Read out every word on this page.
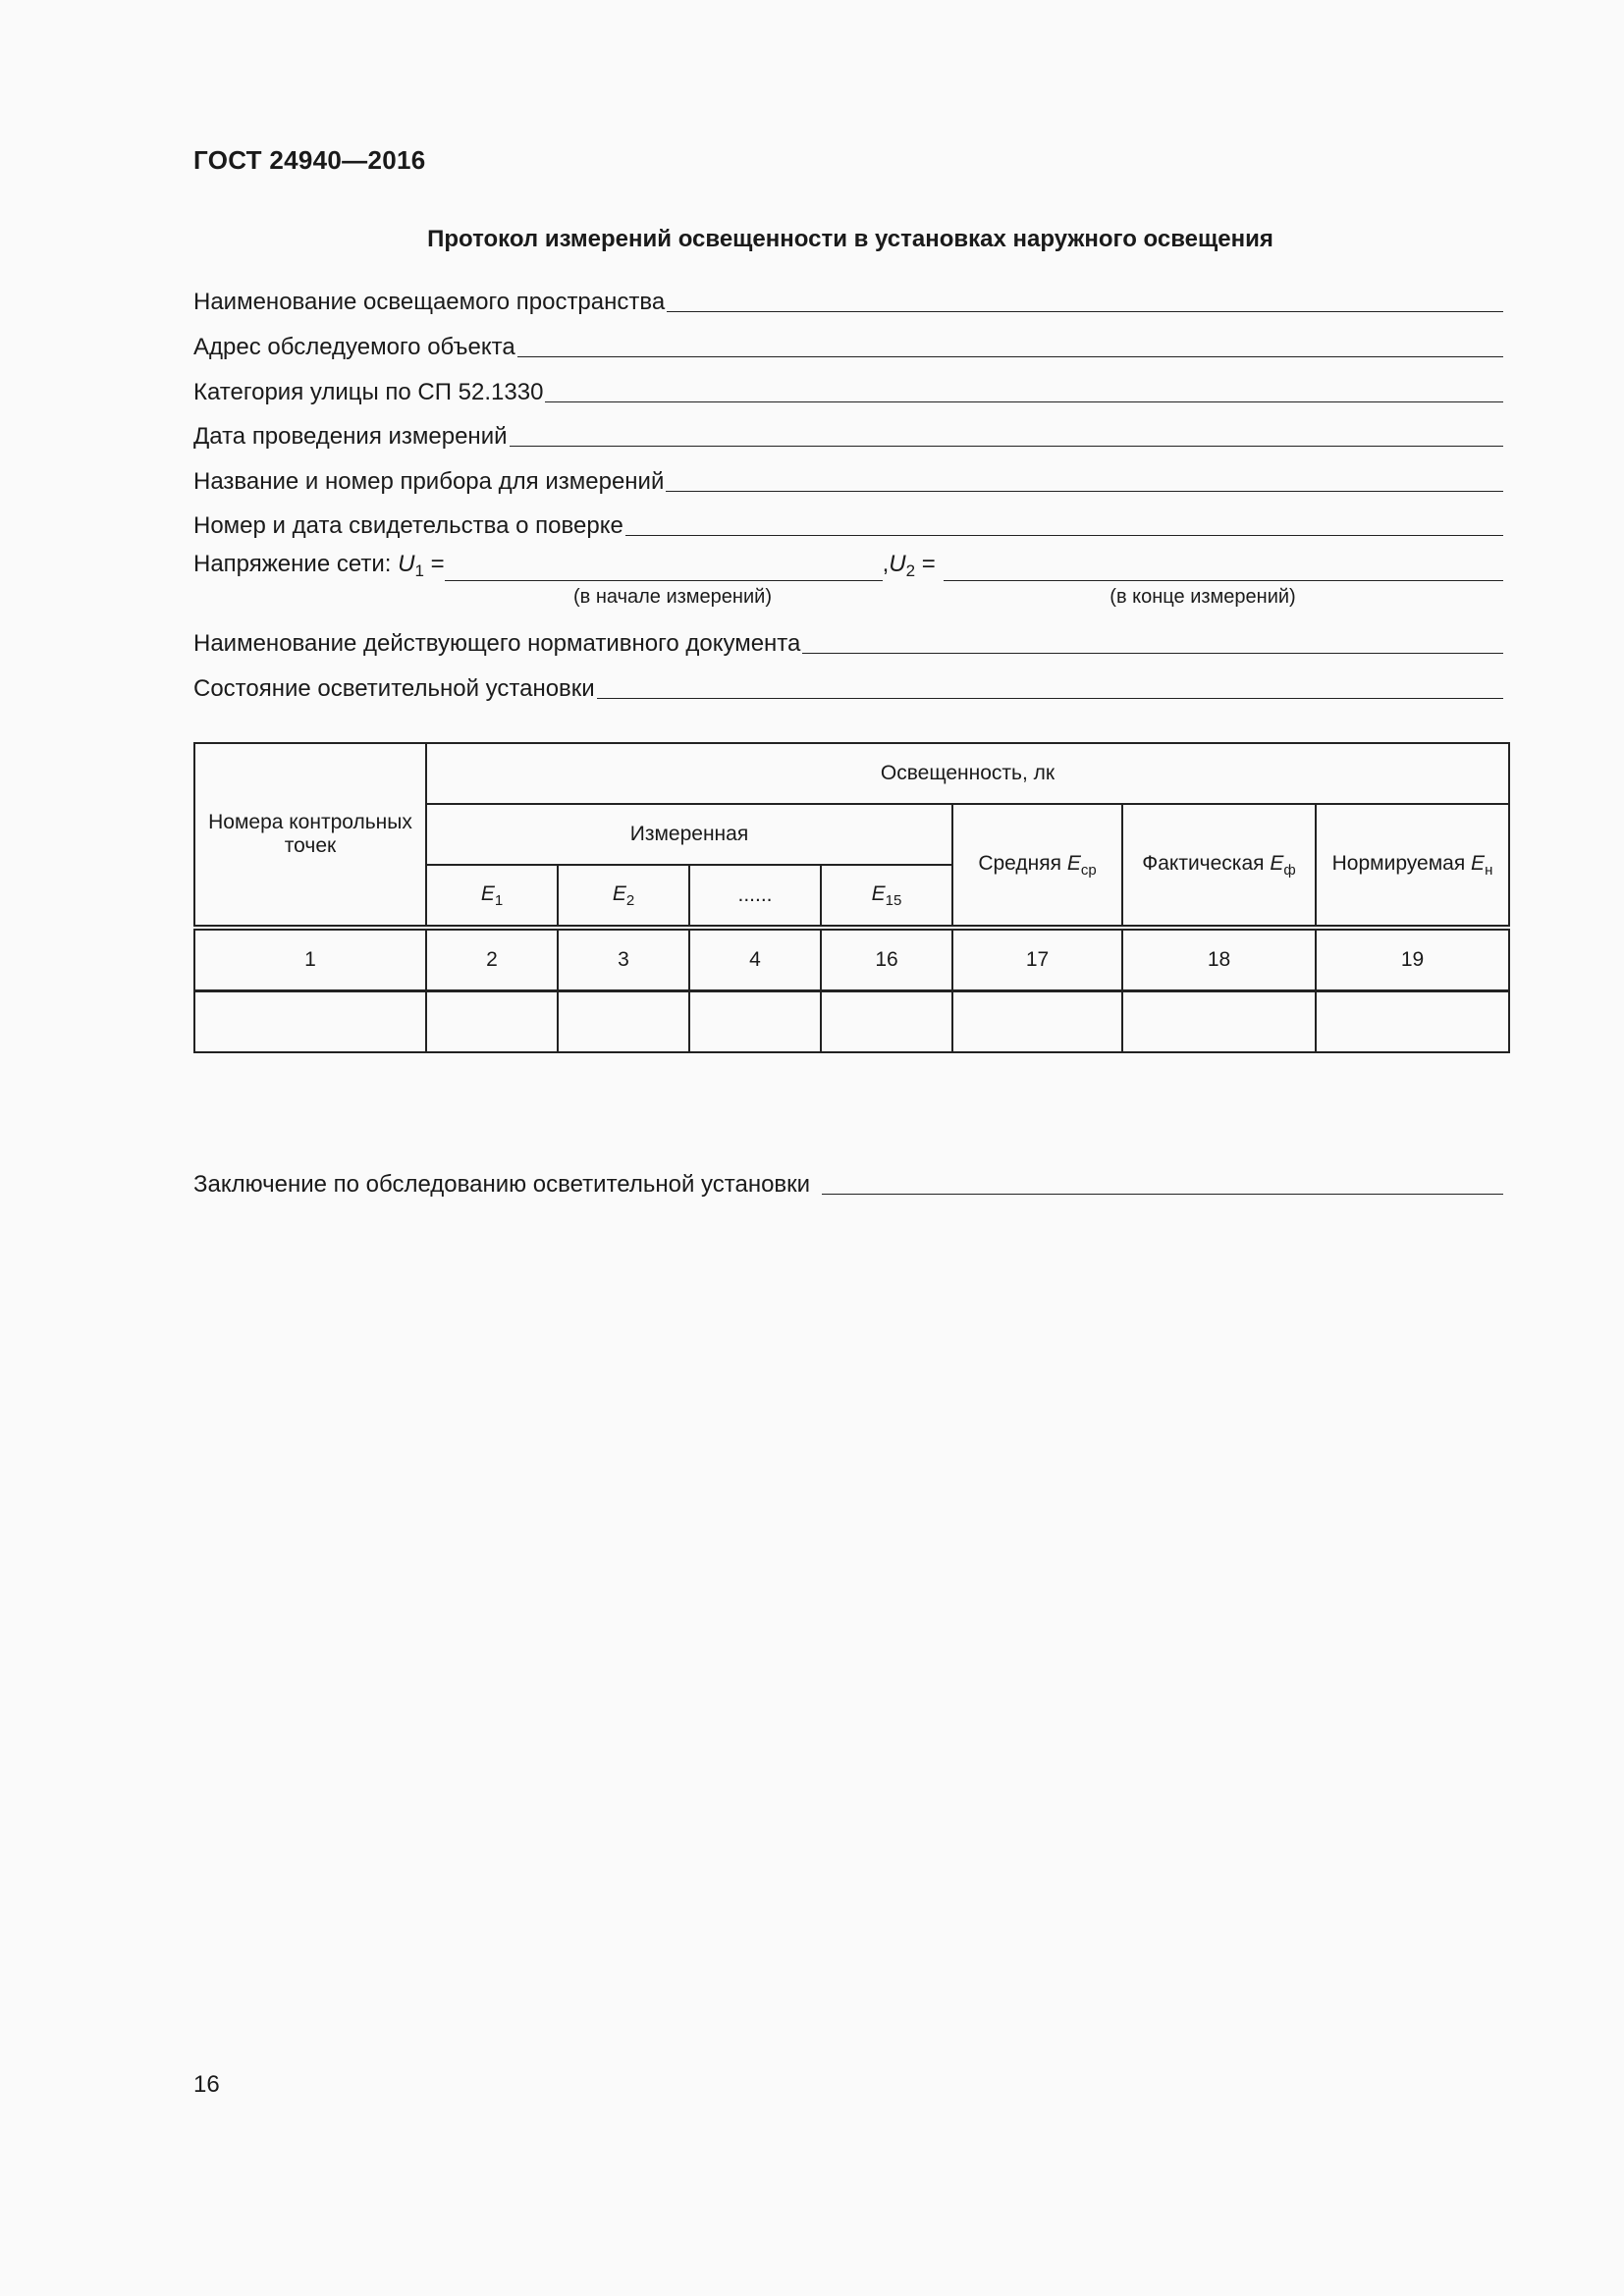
ГОСТ 24940—2016
Протокол измерений освещенности в установках наружного освещения
Наименование освещаемого пространства
Адрес обследуемого объекта
Категория улицы по СП 52.1330
Дата проведения измерений
Название и номер прибора для измерений
Номер и дата свидетельства о поверке
Напряжение сети: $U_1$ =	$,U_2$ =
(в начале измерений)	(в конце измерений)
Наименование действующего нормативного документа
Состояние осветительной установки
Номера контрольных точек	Освещенность, лк						
	Измеренная				Средняя $E_{ср}$	Фактическая $E_ф$	Нормируемая $E_н$
	$E_1$	$E_2$	......	$E_{15}$
1	2	3	4	16	17	18	19

Заключение по обследованию осветительной установки
16
